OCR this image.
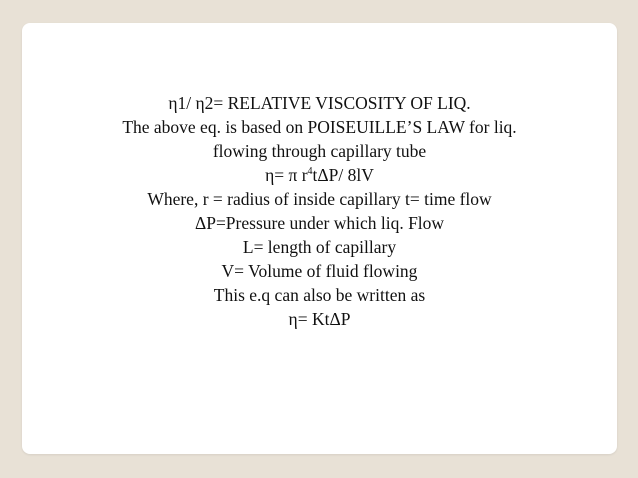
η1/ η2= RELATIVE VISCOSITY OF LIQ.
The above eq. is based on POISEUILLE’S LAW for liq.
flowing through capillary tube
η= π $r^4t\Delta P/$ 8lV
Where, r = radius of inside capillary t= time flow
ΔP=Pressure under which liq. Flow
L= length of capillary
V= Volume of fluid flowing
This e.q can also be written as
η= KtΔP
